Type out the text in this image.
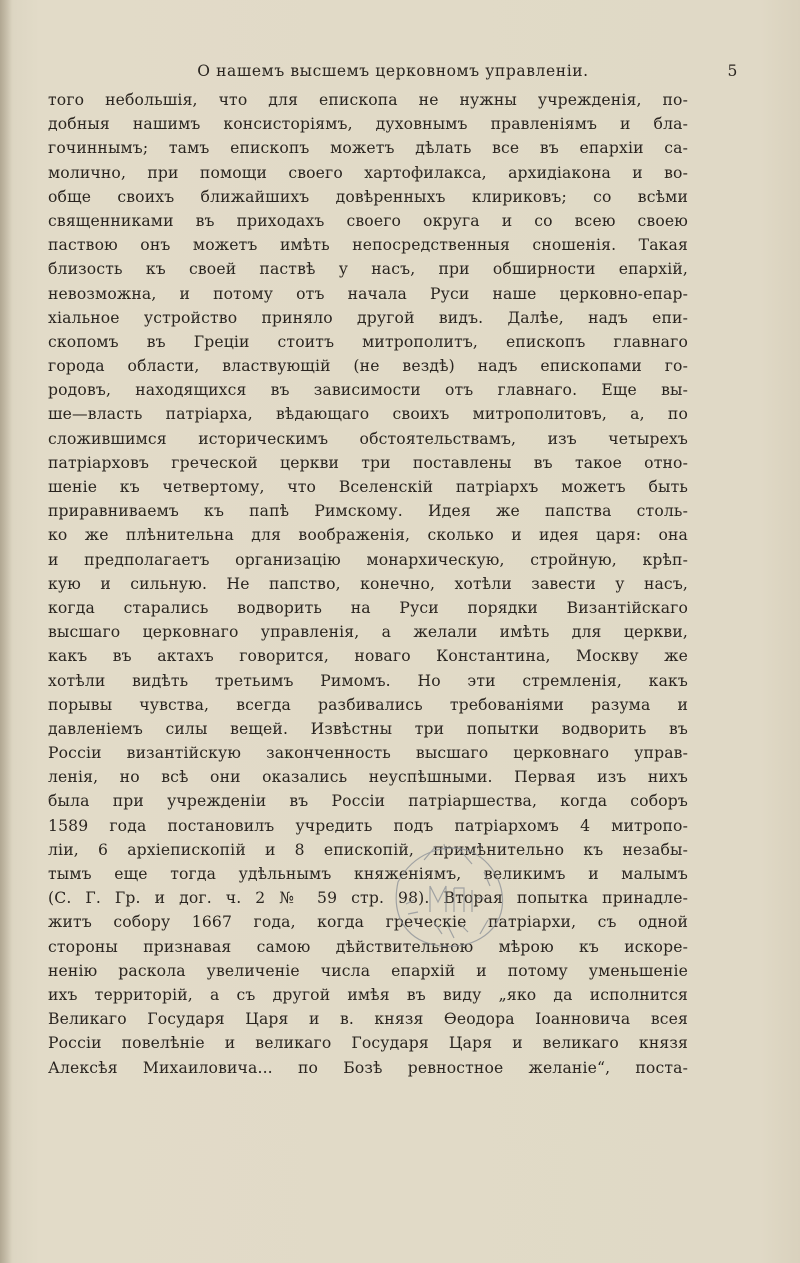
О нашемъ высшемъ церковномъ управленіи.	5
того небольшія, что для епископа не нужны учрежденія, по-
добныя нашимъ консисторіямъ, духовнымъ правленіямъ и бла-
гочиннымъ; тамъ епископъ можетъ дѣлать все въ епархіи са-
молично, при помощи своего хартофилакса, архидіакона и во-
обще своихъ ближайшихъ довѣренныхъ клириковъ; со всѣми
священниками въ приходахъ своего округа и со всею своею
паствою онъ можетъ имѣть непосредственныя сношенія. Такая
близость къ своей паствѣ у насъ, при обширности епархій,
невозможна, и потому отъ начала Руси наше церковно-епар-
хіальное устройство приняло другой видъ. Далѣе, надъ епи-
скопомъ въ Греціи стоитъ митрополитъ, епископъ главнаго
города области, властвующій (не вездѣ) надъ епископами го-
родовъ, находящихся въ зависимости отъ главнаго. Еще вы-
ше—власть патріарха, вѣдающаго своихъ митрополитовъ, а, по
сложившимся историческимъ обстоятельствамъ, изъ четырехъ
патріарховъ греческой церкви три поставлены въ такое отно-
шеніе къ четвертому, что Вселенскій патріархъ можетъ быть
приравниваемъ къ папѣ Римскому. Идея же папства столь-
ко же плѣнительна для воображенія, сколько и идея царя: она
и предполагаетъ организацію монархическую, стройную, крѣп-
кую и сильную. Не папство, конечно, хотѣли завести у насъ,
когда старались водворить на Руси порядки Византійскаго
высшаго церковнаго управленія, а желали имѣть для церкви,
какъ въ актахъ говорится, новаго Константина, Москву же
хотѣли видѣть третьимъ Римомъ. Но эти стремленія, какъ
порывы чувства, всегда разбивались требованіями разума и
давленіемъ силы вещей. Извѣстны три попытки водворить въ
Россіи византійскую законченность высшаго церковнаго управ-
ленія, но всѣ они оказались неуспѣшными. Первая изъ нихъ
была при учрежденіи въ Россіи патріаршества, когда соборъ
1589 года постановилъ учредить подъ патріархомъ 4 митропо-
ліи, 6 архіепископій и 8 епископій, примѣнительно къ незабы-
тымъ еще тогда удѣльнымъ княженіямъ, великимъ и малымъ
(С. Г. Гр. и дог. ч. 2 № 59 стр. 98). Вторая попытка принадле-
житъ собору 1667 года, когда греческіе патріархи, съ одной
стороны признавая самою дѣйствительною мѣрою къ искоре-
ненію раскола увеличеніе числа епархій и потому уменьшеніе
ихъ территорій, а съ другой имѣя въ виду „яко да исполнится
Великаго Государя Царя и в. князя Ѳеодора Іоанновича всея
Россіи повелѣніе и великаго Государя Царя и великаго князя
Алексѣя Михаиловича... по Бозѣ ревностное желаніе“, поста-
